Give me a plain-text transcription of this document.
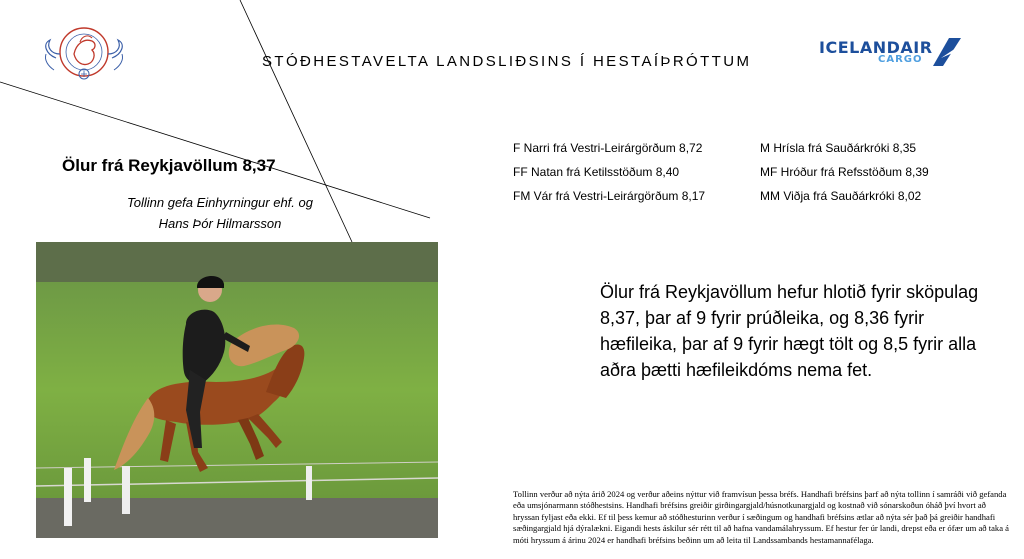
ICELANDAIR
CARGO
STÓÐHESTAVELTA LANDSLIÐSINS Í HESTAÍÞRÓTTUM
Ölur frá Reykjavöllum 8,37
Tollinn gefa Einhyrningur ehf. og
Hans Þór Hilmarsson
F Narri frá Vestri-Leirárgörðum 8,72
FF Natan frá Ketilsstöðum 8,40
FM Vár frá Vestri-Leirárgörðum 8,17
M Hrísla frá Sauðárkróki 8,35
MF Hróður frá Refsstöðum 8,39
MM Viðja frá Sauðárkróki 8,02
Ölur frá Reykjavöllum hefur hlotið fyrir sköpulag 8,37, þar af 9 fyrir prúðleika, og 8,36 fyrir hæfileika, þar af 9 fyrir hægt tölt og 8,5 fyrir alla aðra þætti hæfileikdóms nema fet.
Tollinn verður að nýta árið 2024 og verður aðeins nýttur við framvísun þessa bréfs. Handhafi bréfsins þarf að nýta tollinn í samráði við gefanda eða umsjónarmann stóðhestsins. Handhafi bréfsins greiðir girðingargjald/húsnotkunargjald og kostnað við sónarskoðun óháð því hvort að hryssan fyljast eða ekki. Ef til þess kemur að stóðhesturinn verður í sæðingum og handhafi bréfsins ætlar að nýta sér það þá greiðir handhafi sæðingargjald hjá dýralækni. Eigandi hests áskilur sér rétt til að hafna vandamálahryssum. Ef hestur fer úr landi, drepst eða er ófær um að taka á móti hryssum á árinu 2024 er handhafi bréfsins beðinn um að leita til Landssambands hestamannafélaga.
